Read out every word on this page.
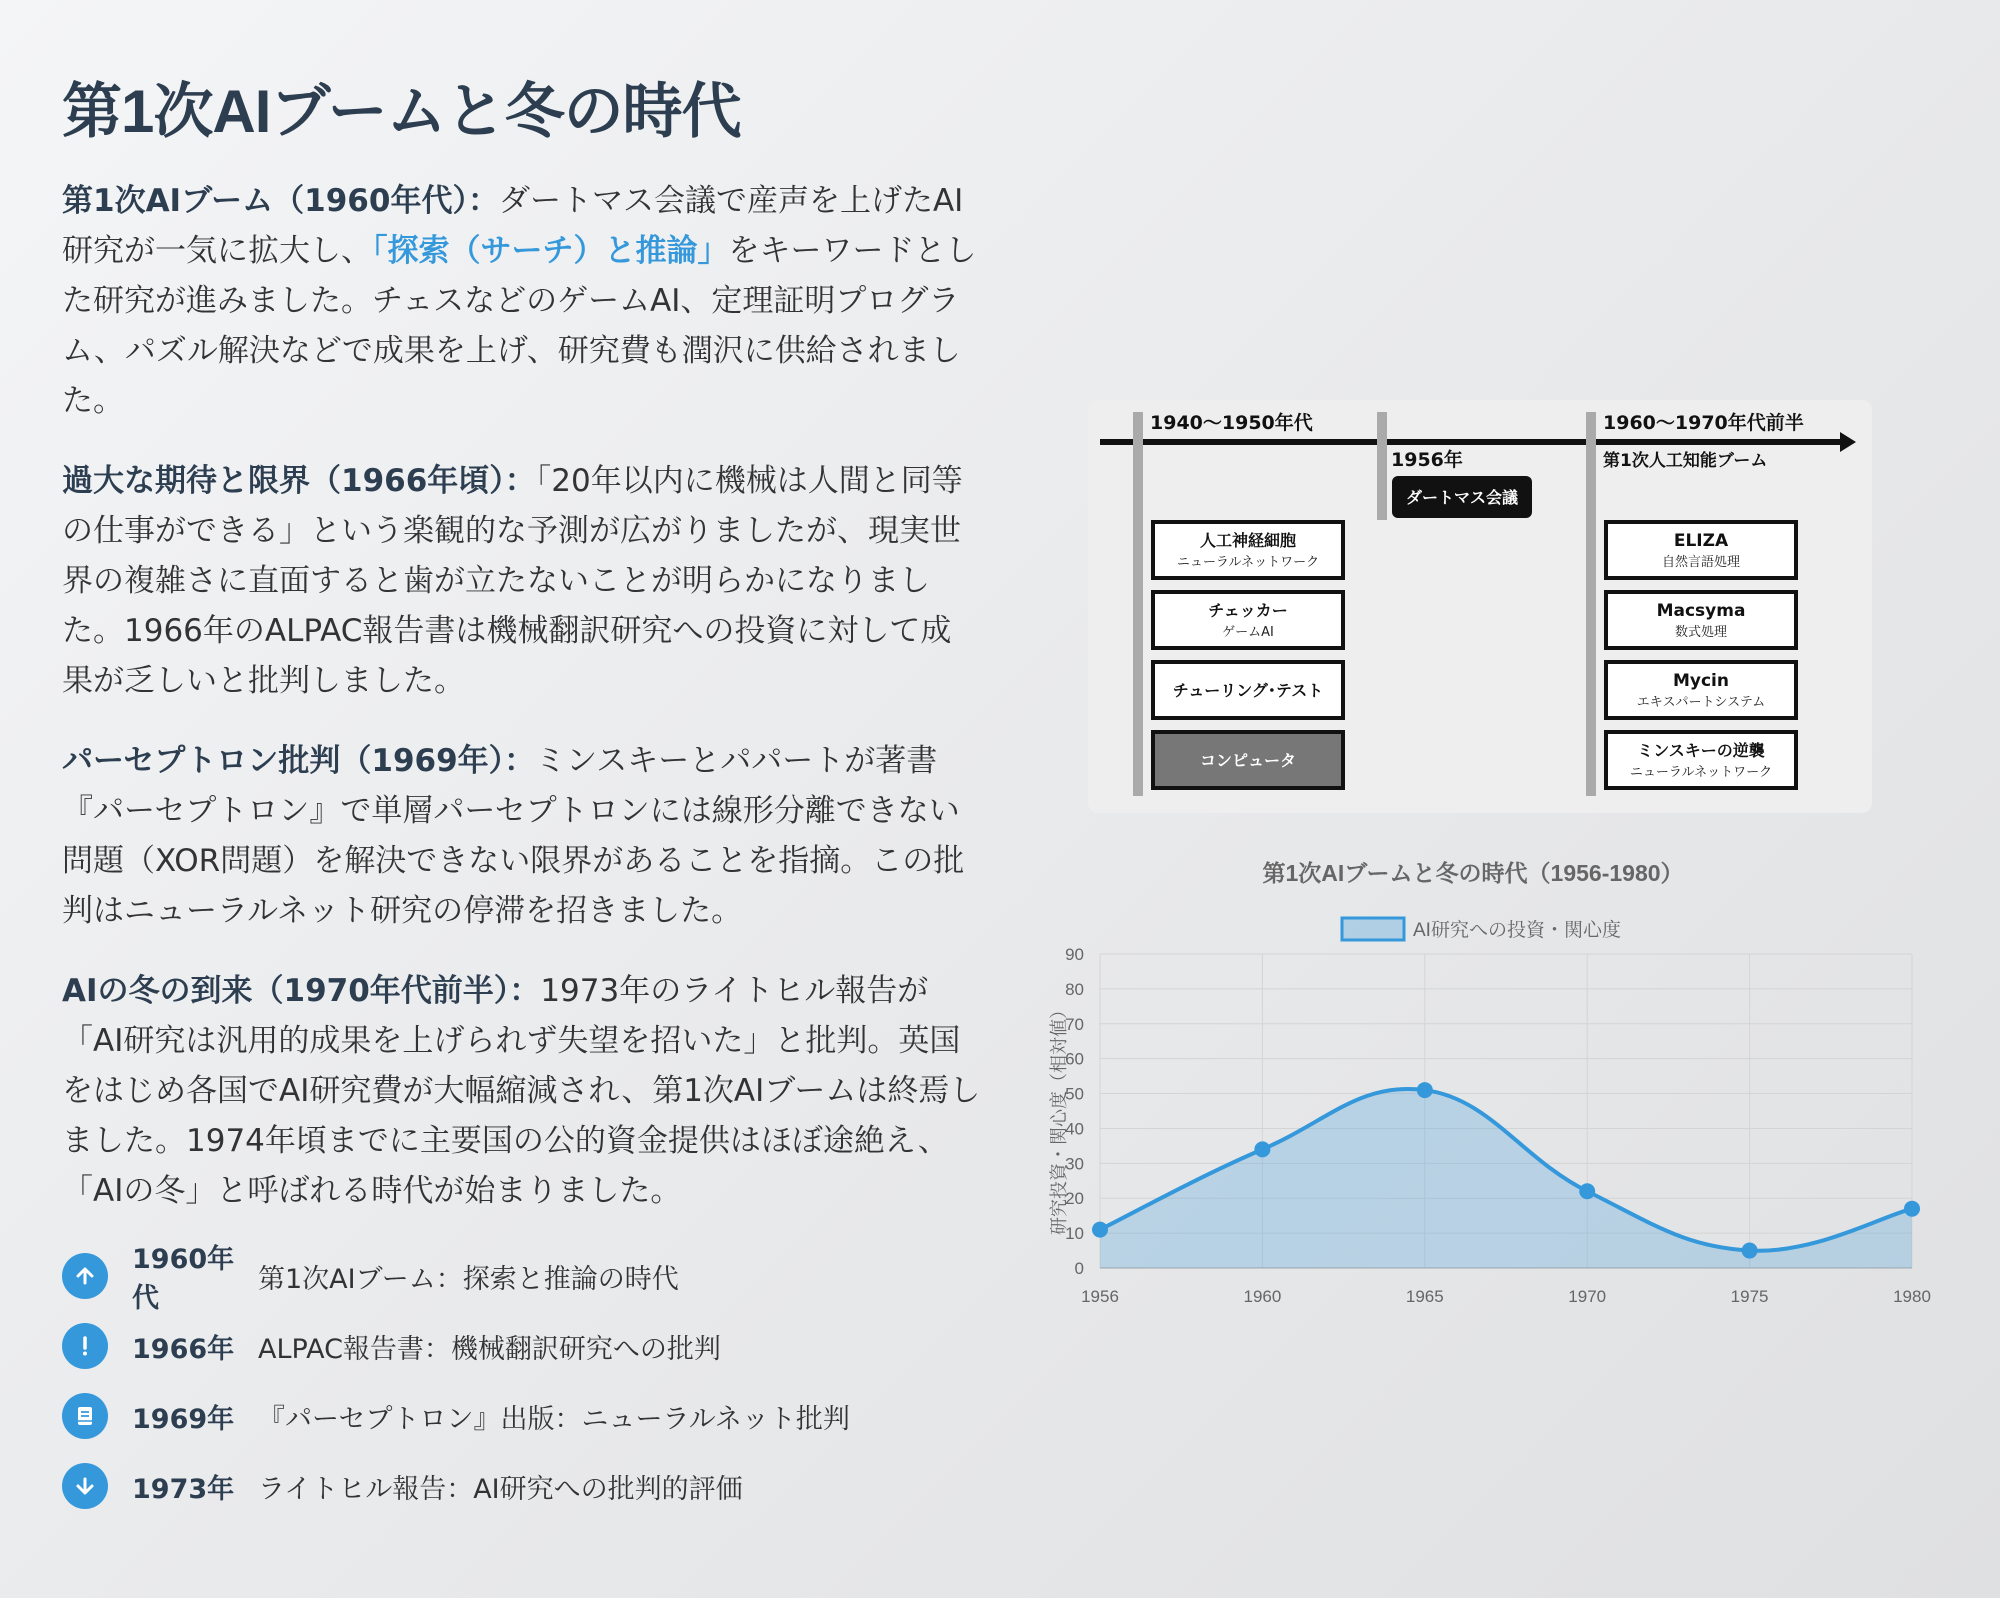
第1次AIブームと冬の時代

第1次AIブーム（1960年代）：ダートマス会議で産声を上げたAI研究が一気に拡大し、「探索（サーチ）と推論」をキーワードとした研究が進みました。チェスなどのゲームAI、定理証明プログラム、パズル解決などで成果を上げ、研究費も潤沢に供給されました。

過大な期待と限界（1966年頃）：「20年以内に機械は人間と同等の仕事ができる」という楽観的な予測が広がりましたが、現実世界の複雑さに直面すると歯が立たないことが明らかになりました。1966年のALPAC報告書は機械翻訳研究への投資に対して成果が乏しいと批判しました。

パーセプトロン批判（1969年）：ミンスキーとパパートが著書『パーセプトロン』で単層パーセプトロンには線形分離できない問題（XOR問題）を解決できない限界があることを指摘。この批判はニューラルネット研究の停滞を招きました。

AIの冬の到来（1970年代前半）：1973年のライトヒル報告が「AI研究は汎用的成果を上げられず失望を招いた」と批判。英国をはじめ各国でAI研究費が大幅縮減され、第1次AIブームは終焉しました。1974年頃までに主要国の公的資金提供はほぼ途絶え、「AIの冬」と呼ばれる時代が始まりました。

1960年代
第1次AIブーム：探索と推論の時代
1966年 ALPAC報告書：機械翻訳研究への批判
1969年 『パーセプトロン』出版：ニューラルネット批判
1973年 ライトヒル報告：AI研究への批判的評価
1940～1950年代
1956年
1960～1970年代前半
第1次人工知能ブーム
ダートマス会議
人工神経細胞
ニューラルネットワーク
チェッカー
ゲームAI
チューリング･テスト
コンピュータ
ELIZA
自然言語処理
Macsyma
数式処理
Mycin
エキスパートシステム
ミンスキーの逆襲
ニューラルネットワーク
第1次AIブームと冬の時代（1956-1980）
AI研究への投資・関心度
研究投資・関心度（相対値）
0
10
20
30
40
50
60
70
80
90
1956	1960	1965	1970	1975	1980
